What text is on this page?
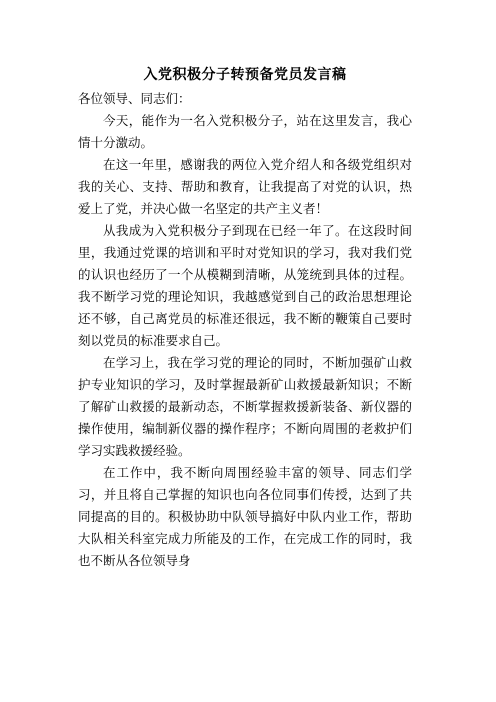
入党积极分子转预备党员发言稿
各位领导、同志们：

今天，能作为一名入党积极分子，站在这里发言，我心情十分激动。

在这一年里，感谢我的两位入党介绍人和各级党组织对我的关心、支持、帮助和教育，让我提高了对党的认识，热爱上了党，并决心做一名坚定的共产主义者！

从我成为入党积极分子到现在已经一年了。在这段时间里，我通过党课的培训和平时对党知识的学习，我对我们党的认识也经历了一个从模糊到清晰，从笼统到具体的过程。我不断学习党的理论知识，我越感觉到自己的政治思想理论还不够，自己离党员的标准还很远，我不断的鞭策自己要时刻以党员的标准要求自己。

在学习上，我在学习党的理论的同时，不断加强矿山救护专业知识的学习，及时掌握最新矿山救援最新知识；不断了解矿山救援的最新动态，不断掌握救援新装备、新仪器的操作使用，编制新仪器的操作程序；不断向周围的老救护们学习实践救援经验。

在工作中，我不断向周围经验丰富的领导、同志们学习，并且将自己掌握的知识也向各位同事们传授，达到了共同提高的目的。积极协助中队领导搞好中队内业工作，帮助大队相关科室完成力所能及的工作，在完成工作的同时，我也不断从各位领导身
